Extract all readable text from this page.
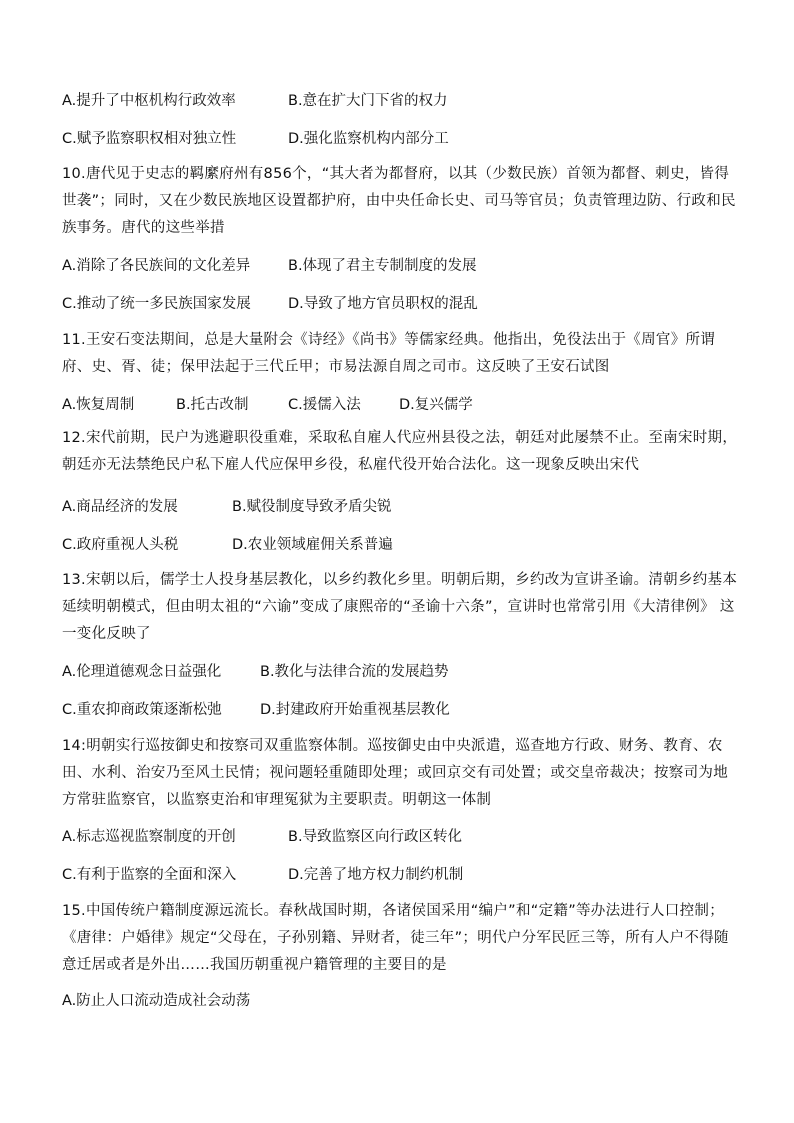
A.提升了中枢机构行政效率	B.意在扩大门下省的权力
C.赋予监察职权相对独立性	D.强化监察机构内部分工
10.唐代见于史志的羁縻府州有856个，“其大者为都督府，以其（少数民族）首领为都督、刺史，皆得世袭”；同时，又在少数民族地区设置都护府，由中央任命长史、司马等官员；负责管理边防、行政和民族事务。唐代的这些举措
A.消除了各民族间的文化差异	B.体现了君主专制制度的发展
C.推动了统一多民族国家发展	D.导致了地方官员职权的混乱
11.王安石变法期间，总是大量附会《诗经》《尚书》等儒家经典。他指出，免役法出于《周官》所谓府、史、胥、徒；保甲法起于三代丘甲；市易法源自周之司市。这反映了王安石试图
A.恢复周制	B.托古改制	C.援儒入法	D.复兴儒学
12.宋代前期，民户为逃避职役重难，采取私自雇人代应州县役之法，朝廷对此屡禁不止。至南宋时期，朝廷亦无法禁绝民户私下雇人代应保甲乡役，私雇代役开始合法化。这一现象反映出宋代
A.商品经济的发展	B.赋役制度导致矛盾尖锐
C.政府重视人头税	D.农业领域雇佣关系普遍
13.宋朝以后，儒学士人投身基层教化，以乡约教化乡里。明朝后期，乡约改为宣讲圣谕。清朝乡约基本延续明朝模式，但由明太祖的“六谕”变成了康熙帝的“圣谕十六条”，宣讲时也常常引用《大清律例》 这一变化反映了
A.伦理道德观念日益强化	B.教化与法律合流的发展趋势
C.重农抑商政策逐渐松弛	D.封建政府开始重视基层教化
14:明朝实行巡按御史和按察司双重监察体制。巡按御史由中央派遣，巡查地方行政、财务、教育、农田、水利、治安乃至风土民情；视问题轻重随即处理；或回京交有司处置；或交皇帝裁决；按察司为地方常驻监察官，以监察吏治和审理冤狱为主要职责。明朝这一体制
A.标志巡视监察制度的开创	B.导致监察区向行政区转化
C.有利于监察的全面和深入	D.完善了地方权力制约机制
15.中国传统户籍制度源远流长。春秋战国时期，各诸侯国采用“编户”和“定籍”等办法进行人口控制；《唐律：户婚律》规定“父母在，子孙别籍、异财者，徒三年”；明代户分军民匠三等，所有人户不得随意迁居或者是外出……我国历朝重视户籍管理的主要目的是
A.防止人口流动造成社会动荡
